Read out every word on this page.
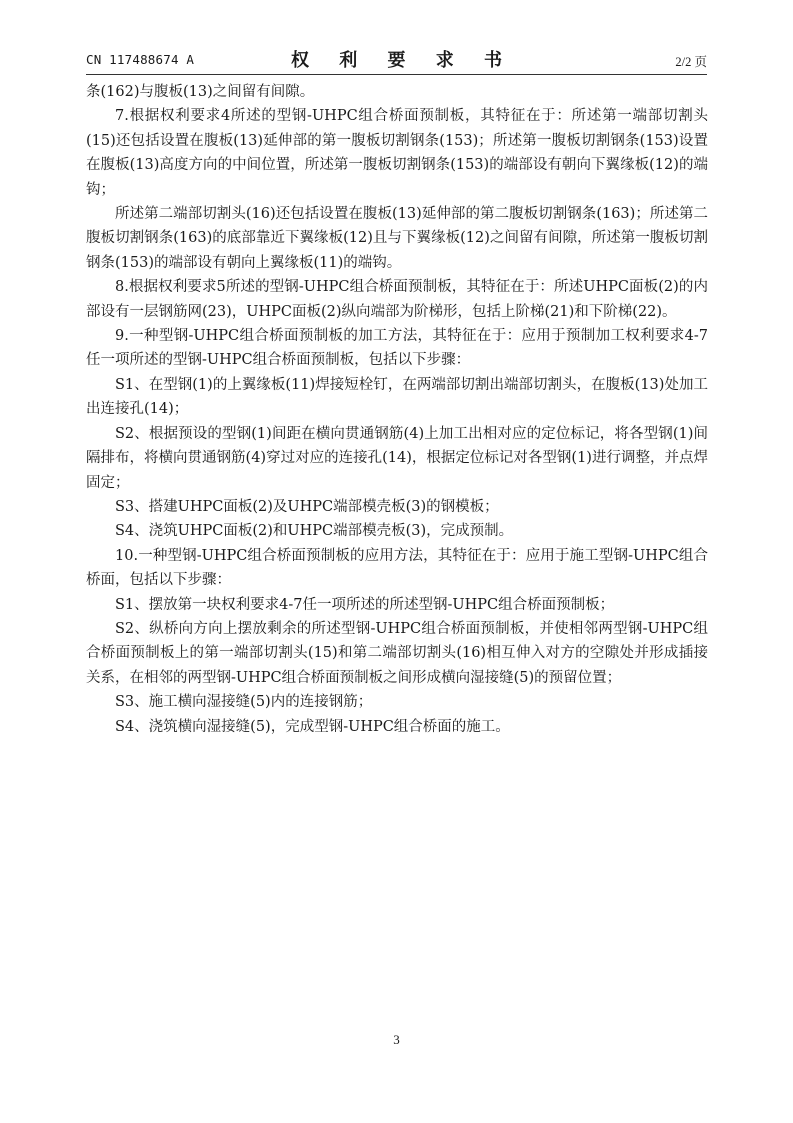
CN 117488674 A	权 利 要 求 书	2/2 页

条(162)与腹板(13)之间留有间隙。

7.根据权利要求4所述的型钢-UHPC组合桥面预制板，其特征在于：所述第一端部切割头(15)还包括设置在腹板(13)延伸部的第一腹板切割钢条(153)；所述第一腹板切割钢条(153)设置在腹板(13)高度方向的中间位置，所述第一腹板切割钢条(153)的端部设有朝向下翼缘板(12)的端钩；

所述第二端部切割头(16)还包括设置在腹板(13)延伸部的第二腹板切割钢条(163)；所述第二腹板切割钢条(163)的底部靠近下翼缘板(12)且与下翼缘板(12)之间留有间隙，所述第一腹板切割钢条(153)的端部设有朝向上翼缘板(11)的端钩。

8.根据权利要求5所述的型钢-UHPC组合桥面预制板，其特征在于：所述UHPC面板(2)的内部设有一层钢筋网(23)，UHPC面板(2)纵向端部为阶梯形，包括上阶梯(21)和下阶梯(22)。

9.一种型钢-UHPC组合桥面预制板的加工方法，其特征在于：应用于预制加工权利要求4-7任一项所述的型钢-UHPC组合桥面预制板，包括以下步骤：

S1、在型钢(1)的上翼缘板(11)焊接短栓钉，在两端部切割出端部切割头，在腹板(13)处加工出连接孔(14)；

S2、根据预设的型钢(1)间距在横向贯通钢筋(4)上加工出相对应的定位标记，将各型钢(1)间隔排布，将横向贯通钢筋(4)穿过对应的连接孔(14)，根据定位标记对各型钢(1)进行调整，并点焊固定；

S3、搭建UHPC面板(2)及UHPC端部模壳板(3)的钢模板；

S4、浇筑UHPC面板(2)和UHPC端部模壳板(3)，完成预制。

10.一种型钢-UHPC组合桥面预制板的应用方法，其特征在于：应用于施工型钢-UHPC组合桥面，包括以下步骤：

S1、摆放第一块权利要求4-7任一项所述的所述型钢-UHPC组合桥面预制板；

S2、纵桥向方向上摆放剩余的所述型钢-UHPC组合桥面预制板，并使相邻两型钢-UHPC组合桥面预制板上的第一端部切割头(15)和第二端部切割头(16)相互伸入对方的空隙处并形成插接关系，在相邻的两型钢-UHPC组合桥面预制板之间形成横向湿接缝(5)的预留位置；

S3、施工横向湿接缝(5)内的连接钢筋；

S4、浇筑横向湿接缝(5)，完成型钢-UHPC组合桥面的施工。

3
